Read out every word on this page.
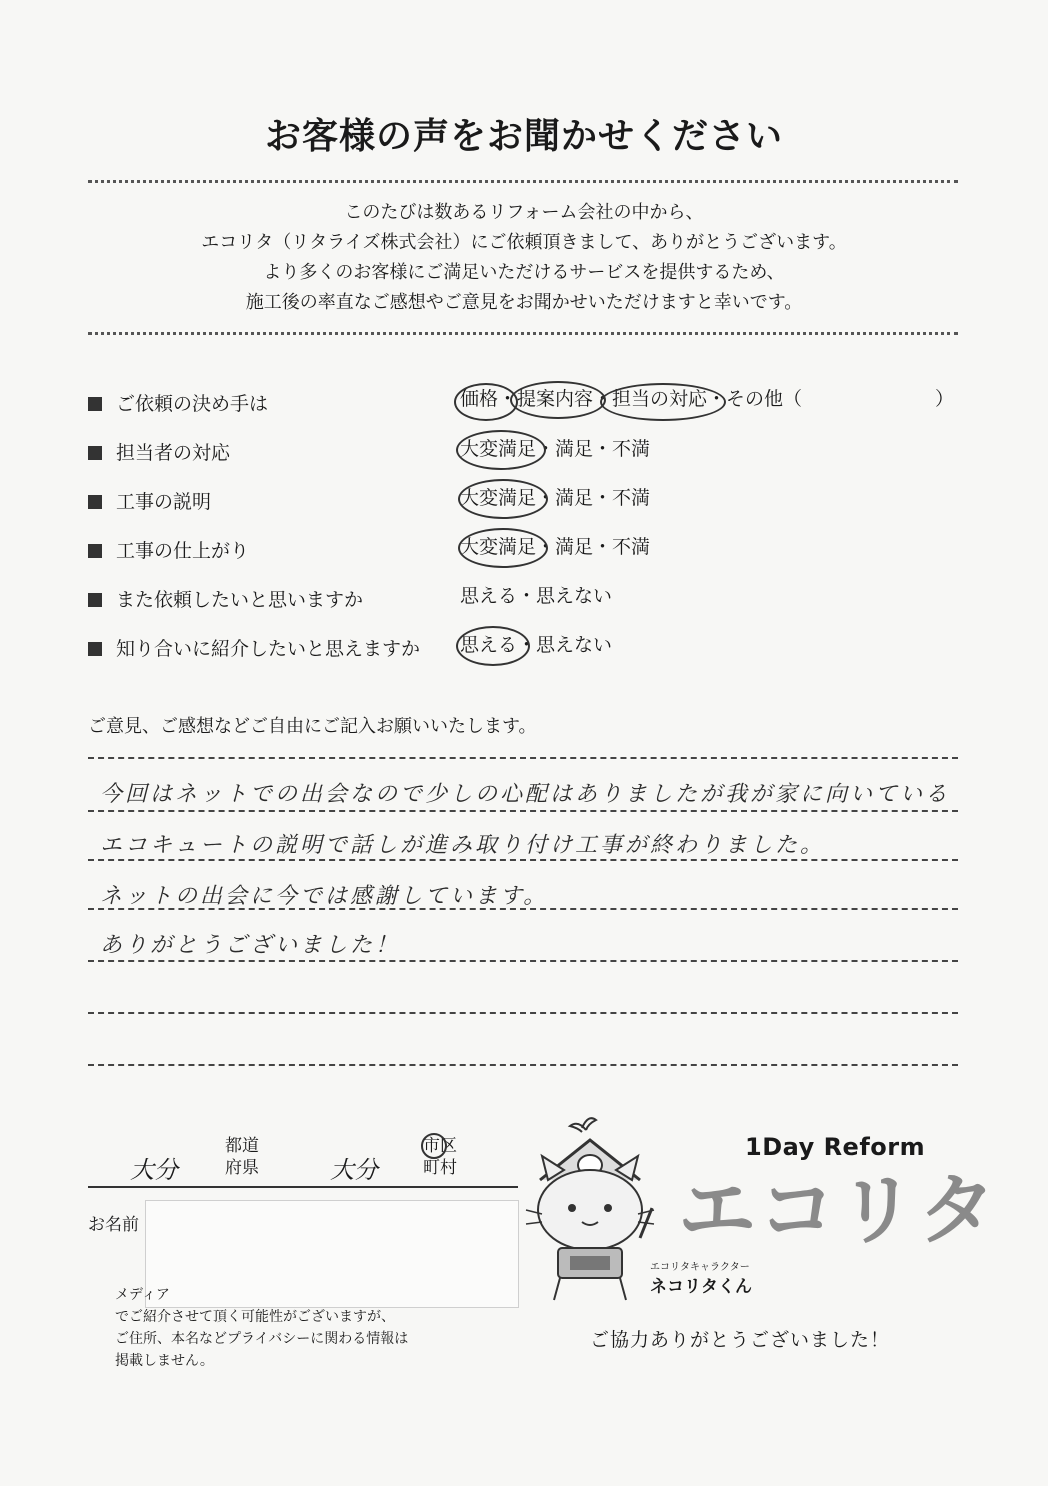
お客様の声をお聞かせください
このたびは数あるリフォーム会社の中から、
エコリタ（リタライズ株式会社）にご依頼頂きまして、ありがとうございます。
より多くのお客様にご満足いただけるサービスを提供するため、
施工後の率直なご感想やご意見をお聞かせいただけますと幸いです。
ご依頼の決め手は	価格・提案内容・担当の対応・その他（　　　　　　　）
担当者の対応	大変満足・満足・不満
工事の説明	大変満足・満足・不満
工事の仕上がり	大変満足・満足・不満
また依頼したいと思いますか	思える・思えない
知り合いに紹介したいと思えますか 思える・思えない
ご意見、ご感想などご自由にご記入お願いいたします。
今回はネットでの出会なので少しの心配はありましたが我が家に向いている
エコキュートの説明で話しが進み取り付け工事が終わりました。
ネットの出会に今では感謝しています。
ありがとうございました！
大分
都道
府県	大分
市区
町村
お名前
メディア
でご紹介させて頂く可能性がございますが、
ご住所、本名などプライバシーに関わる情報は
掲載しません。
1Day Reform
エコリタ
エコリタキャラクター
ネコリタくん
ご協力ありがとうございました！
